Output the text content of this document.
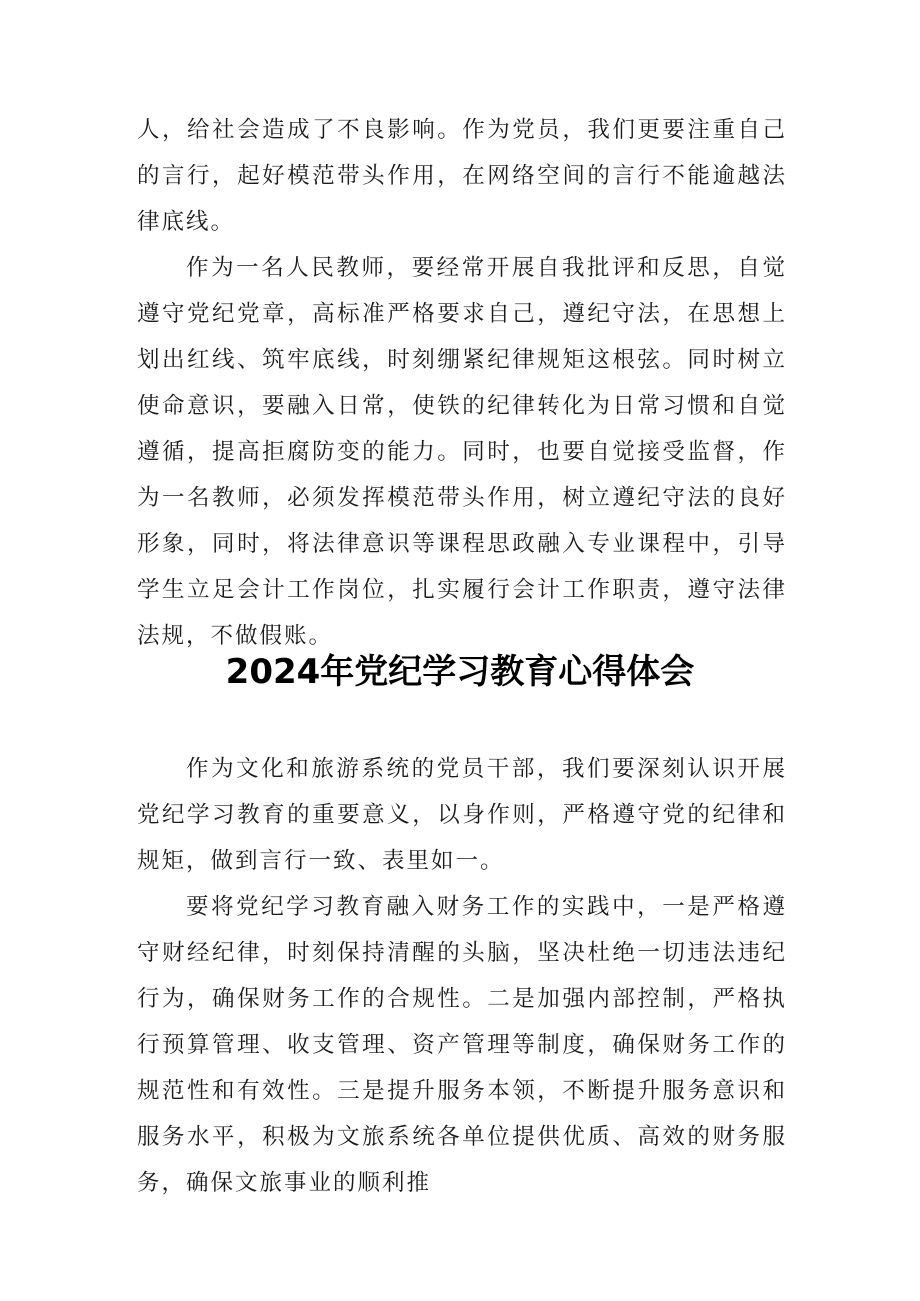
人，给社会造成了不良影响。作为党员，我们更要注重自己的言行，起好模范带头作用，在网络空间的言行不能逾越法律底线。

作为一名人民教师，要经常开展自我批评和反思，自觉遵守党纪党章，高标准严格要求自己，遵纪守法，在思想上划出红线、筑牢底线，时刻绷紧纪律规矩这根弦。同时树立使命意识，要融入日常，使铁的纪律转化为日常习惯和自觉遵循，提高拒腐防变的能力。同时，也要自觉接受监督，作为一名教师，必须发挥模范带头作用，树立遵纪守法的良好形象，同时，将法律意识等课程思政融入专业课程中，引导学生立足会计工作岗位，扎实履行会计工作职责，遵守法律法规，不做假账。

2024年党纪学习教育心得体会

作为文化和旅游系统的党员干部，我们要深刻认识开展党纪学习教育的重要意义，以身作则，严格遵守党的纪律和规矩，做到言行一致、表里如一。

要将党纪学习教育融入财务工作的实践中，一是严格遵守财经纪律，时刻保持清醒的头脑，坚决杜绝一切违法违纪行为，确保财务工作的合规性。二是加强内部控制，严格执行预算管理、收支管理、资产管理等制度，确保财务工作的规范性和有效性。三是提升服务本领，不断提升服务意识和服务水平，积极为文旅系统各单位提供优质、高效的财务服务，确保文旅事业的顺利推
